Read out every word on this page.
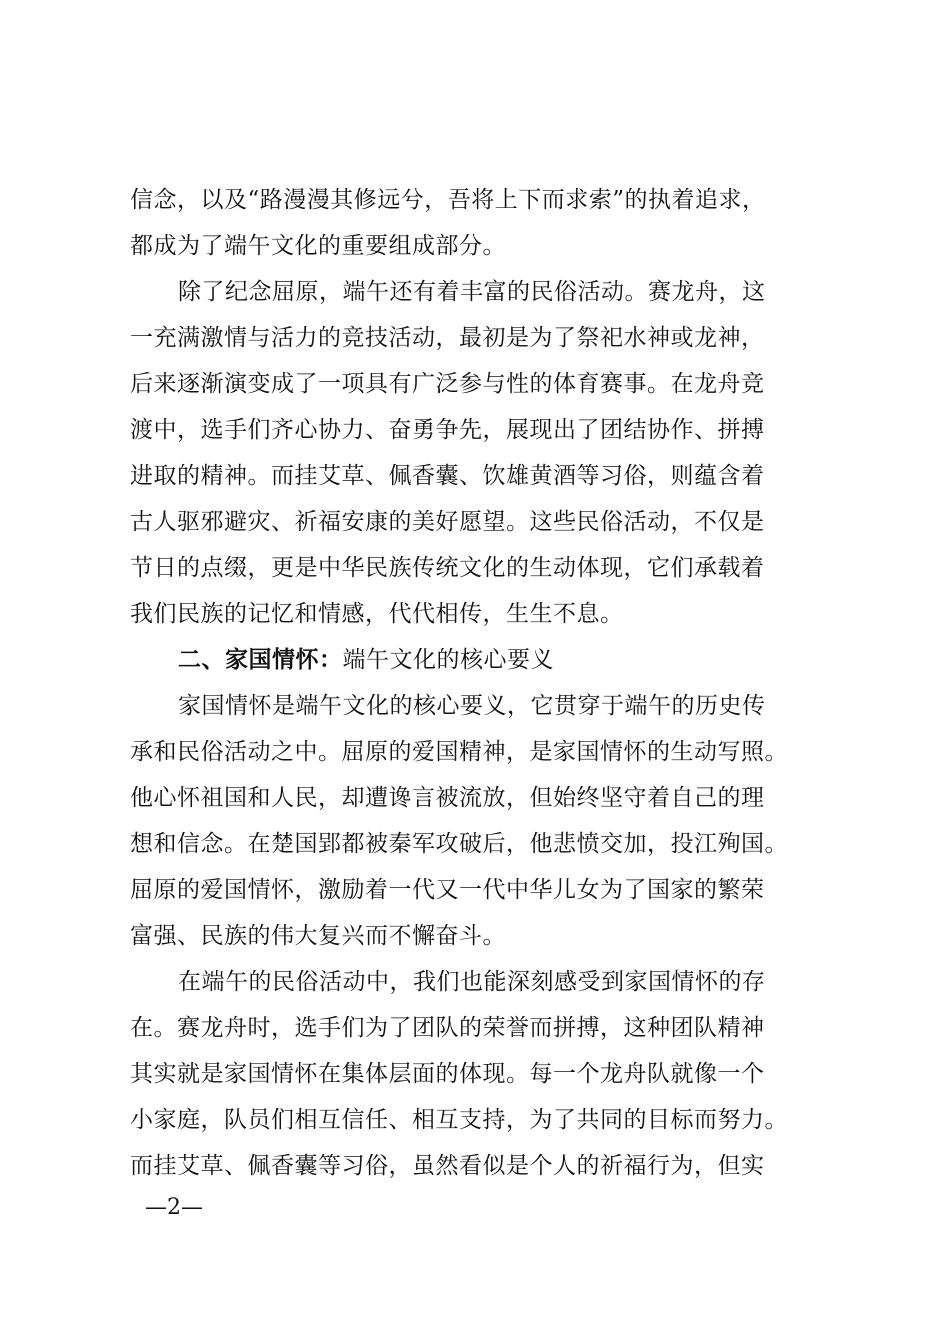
信念，以及“路漫漫其修远兮，吾将上下而求索”的执着追求，
都成为了端午文化的重要组成部分。
除了纪念屈原，端午还有着丰富的民俗活动。赛龙舟，这
一充满激情与活力的竞技活动，最初是为了祭祀水神或龙神，
后来逐渐演变成了一项具有广泛参与性的体育赛事。在龙舟竞
渡中，选手们齐心协力、奋勇争先，展现出了团结协作、拼搏
进取的精神。而挂艾草、佩香囊、饮雄黄酒等习俗，则蕴含着
古人驱邪避灾、祈福安康的美好愿望。这些民俗活动，不仅是
节日的点缀，更是中华民族传统文化的生动体现，它们承载着
我们民族的记忆和情感，代代相传，生生不息。
二、家国情怀：端午文化的核心要义
家国情怀是端午文化的核心要义，它贯穿于端午的历史传
承和民俗活动之中。屈原的爱国精神，是家国情怀的生动写照。
他心怀祖国和人民，却遭谗言被流放，但始终坚守着自己的理
想和信念。在楚国郢都被秦军攻破后，他悲愤交加，投江殉国。
屈原的爱国情怀，激励着一代又一代中华儿女为了国家的繁荣
富强、民族的伟大复兴而不懈奋斗。
在端午的民俗活动中，我们也能深刻感受到家国情怀的存
在。赛龙舟时，选手们为了团队的荣誉而拼搏，这种团队精神
其实就是家国情怀在集体层面的体现。每一个龙舟队就像一个
小家庭，队员们相互信任、相互支持，为了共同的目标而努力。
而挂艾草、佩香囊等习俗，虽然看似是个人的祈福行为，但实
—2—
